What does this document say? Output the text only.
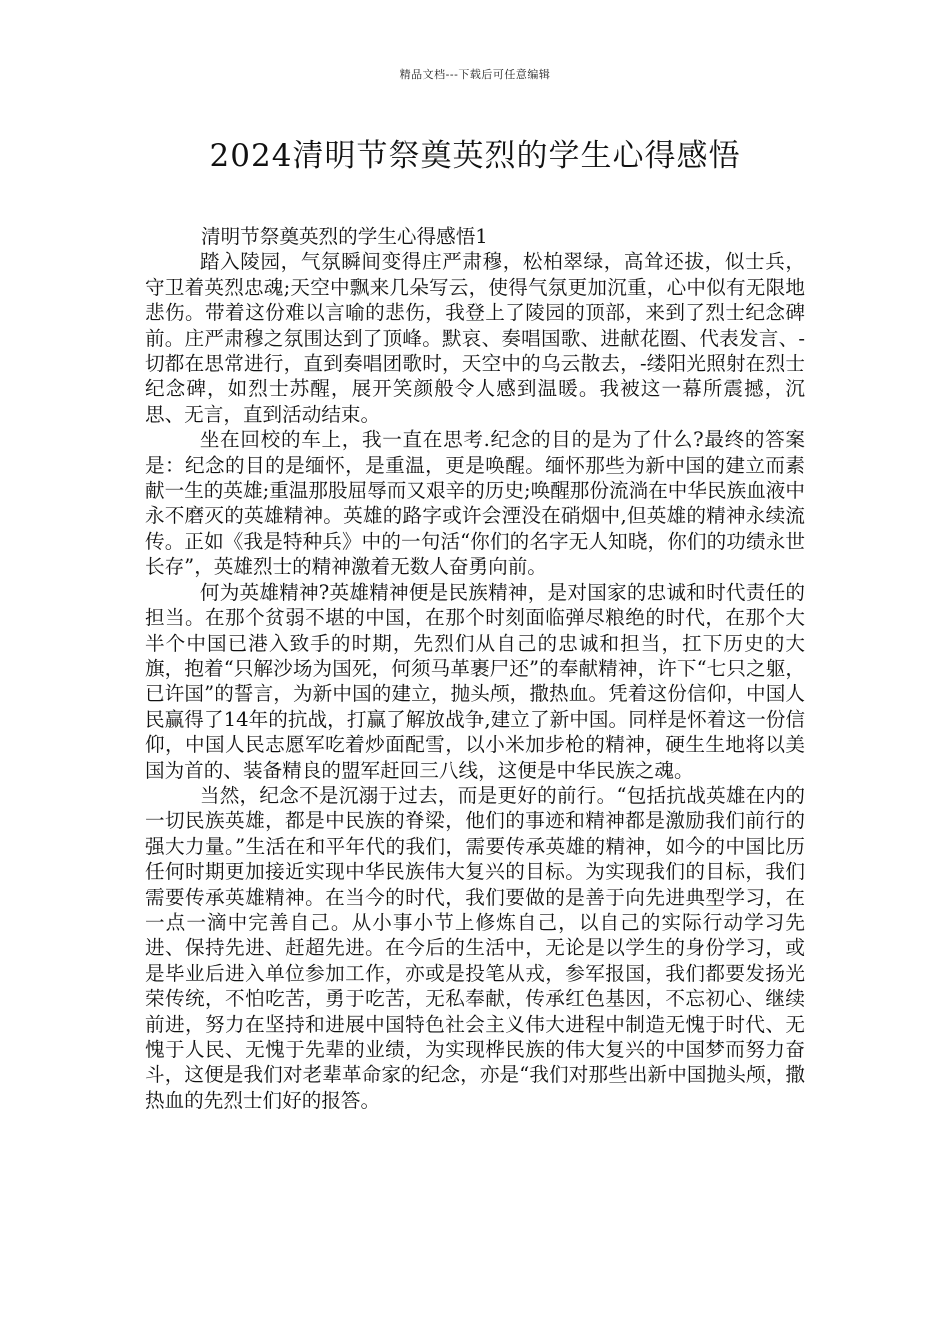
精品文档---下载后可任意编辑
2024清明节祭奠英烈的学生心得感悟

清明节祭奠英烈的学生心得感悟1

踏入陵园，气氛瞬间变得庄严肃穆，松柏翠绿，高耸还拔，似士兵，守卫着英烈忠魂;天空中飘来几朵写云，使得气氛更加沉重，心中似有无限地悲伤。带着这份难以言喻的悲伤，我登上了陵园的顶部，来到了烈士纪念碑前。庄严肃穆之氛围达到了顶峰。默哀、奏唱国歌、进献花圈、代表发言、-切都在思常进行，直到奏唱团歌时，天空中的乌云散去，-缕阳光照射在烈士纪念碑，如烈士苏醒，展开笑颜般令人感到温暖。我被这一幕所震撼，沉思、无言，直到活动结束。

坐在回校的车上，我一直在思考.纪念的目的是为了什么?最终的答案是：纪念的目的是缅怀，是重温，更是唤醒。缅怀那些为新中国的建立而素献一生的英雄;重温那股屈辱而又艰辛的历史;唤醒那份流淌在中华民族血液中永不磨灭的英雄精神。英雄的路字或许会湮没在硝烟中,但英雄的精神永续流传。正如《我是特种兵》中的一句活“你们的名字无人知晓，你们的功绩永世长存”，英雄烈士的精神激着无数人奋勇向前。

何为英雄精神?英雄精神便是民族精神，是对国家的忠诚和时代责任的担当。在那个贫弱不堪的中国，在那个时刻面临弹尽粮绝的时代，在那个大半个中国已港入致手的时期，先烈们从自己的忠诚和担当，扛下历史的大旗，抱着“只解沙场为国死，何须马革裹尸还”的奉献精神，许下“七只之躯，已许国”的誓言，为新中国的建立，抛头颅，撒热血。凭着这份信仰，中国人民赢得了14年的抗战，打赢了解放战争,建立了新中国。同样是怀着这一份信仰，中国人民志愿军吃着炒面配雪，以小米加步枪的精神，硬生生地将以美国为首的、装备精良的盟军赶回三八线，这便是中华民族之魂。

当然，纪念不是沉溺于过去，而是更好的前行。“包括抗战英雄在内的一切民族英雄，都是中民族的脊梁，他们的事迹和精神都是激励我们前行的强大力量。”生活在和平年代的我们，需要传承英雄的精神，如今的中国比历任何时期更加接近实现中华民族伟大复兴的目标。为实现我们的目标，我们需要传承英雄精神。在当今的时代，我们要做的是善于向先进典型学习，在一点一滴中完善自己。从小事小节上修炼自己，以自己的实际行动学习先进、保持先进、赶超先进。在今后的生活中，无论是以学生的身份学习，或是毕业后进入单位参加工作，亦或是投笔从戎，参军报国，我们都要发扬光荣传统，不怕吃苦，勇于吃苦，无私奉献，传承红色基因，不忘初心、继续前进，努力在坚持和进展中国特色社会主义伟大进程中制造无愧于时代、无愧于人民、无愧于先辈的业绩，为实现桦民族的伟大复兴的中国梦而努力奋斗，这便是我们对老辈革命家的纪念，亦是“我们对那些出新中国抛头颅，撒热血的先烈士们好的报答。
